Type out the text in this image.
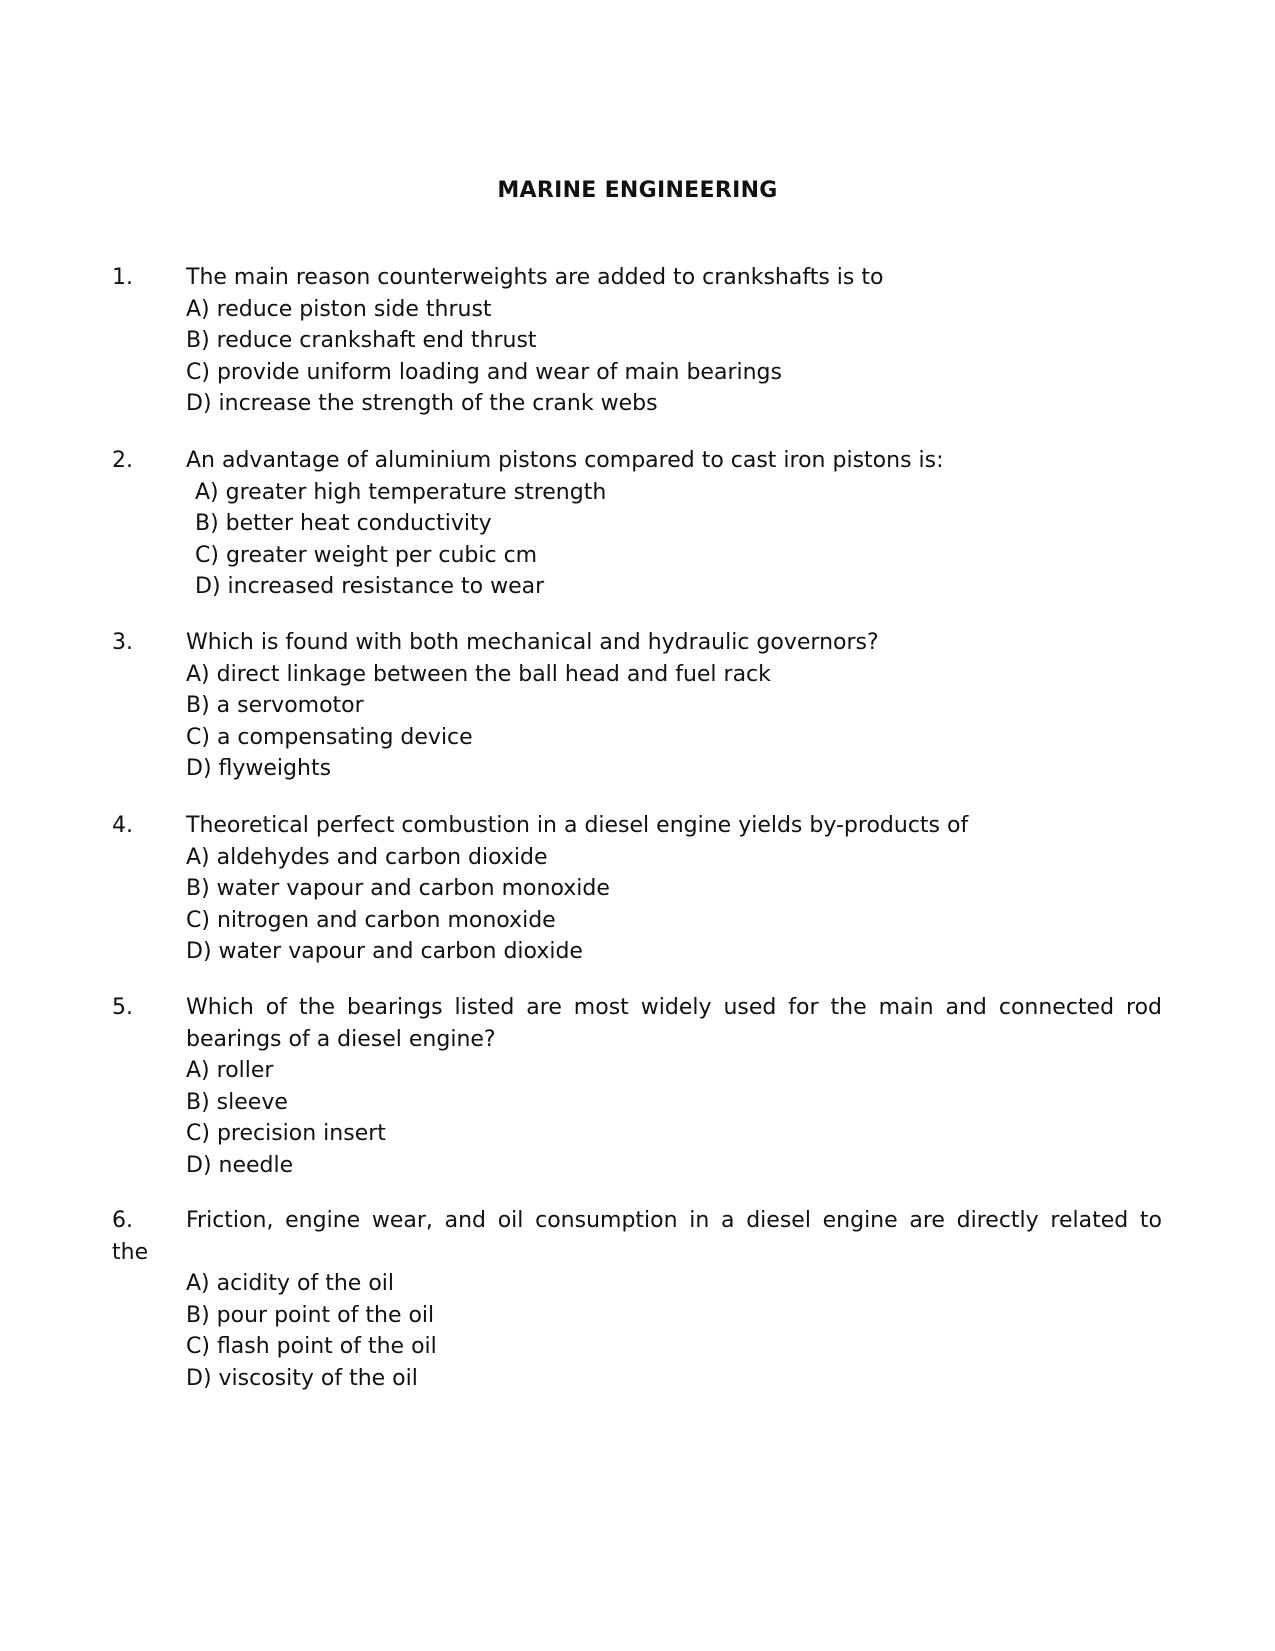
MARINE ENGINEERING
1.	The main reason counterweights are added to crankshafts is to
A) reduce piston side thrust
B) reduce crankshaft end thrust
C) provide uniform loading and wear of main bearings
D) increase the strength of the crank webs
2.	An advantage of aluminium pistons compared to cast iron pistons is:
A) greater high temperature strength
B) better heat conductivity
C) greater weight per cubic cm
D) increased resistance to wear
3.	Which is found with both mechanical and hydraulic governors?
A) direct linkage between the ball head and fuel rack
B) a servomotor
C) a compensating device
D) flyweights
4.	Theoretical perfect combustion in a diesel engine yields by-products of
A) aldehydes and carbon dioxide
B) water vapour and carbon monoxide
C) nitrogen and carbon monoxide
D) water vapour and carbon dioxide
5.	Which of the bearings listed are most widely used for the main and connected rod bearings of a diesel engine?
A) roller
B) sleeve
C) precision insert
D) needle
6.	Friction, engine wear, and oil consumption in a diesel engine are directly related to
the
A) acidity of the oil
B) pour point of the oil
C) flash point of the oil
D) viscosity of the oil
